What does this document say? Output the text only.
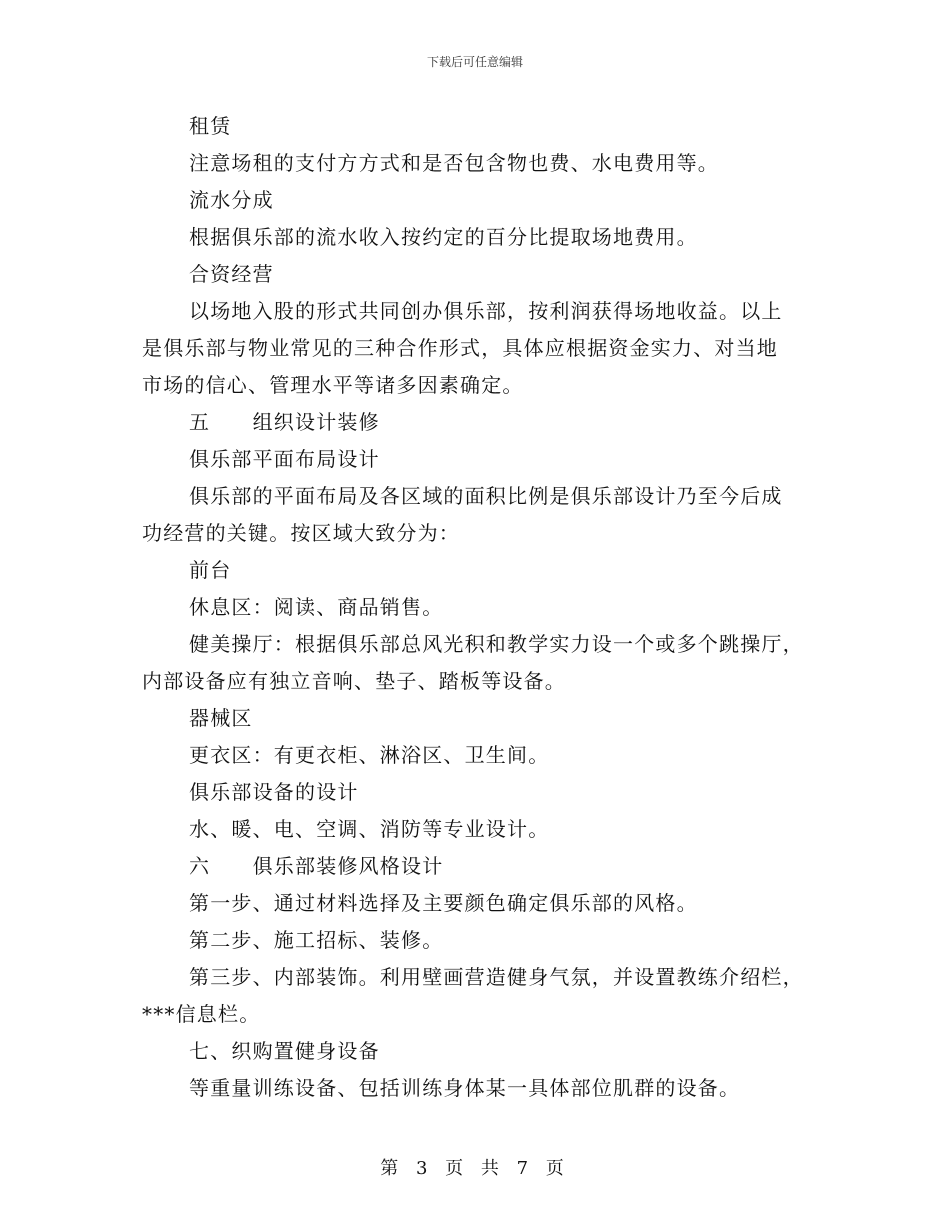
下载后可任意编辑

租赁

注意场租的支付方方式和是否包含物也费、水电费用等。

流水分成

根据俱乐部的流水收入按约定的百分比提取场地费用。

合资经营

以场地入股的形式共同创办俱乐部，按利润获得场地收益。以上

是俱乐部与物业常见的三种合作形式，具体应根据资金实力、对当地

市场的信心、管理水平等诸多因素确定。

五　　组织设计装修

俱乐部平面布局设计

俱乐部的平面布局及各区域的面积比例是俱乐部设计乃至今后成

功经营的关键。按区域大致分为：

前台

休息区：阅读、商品销售。

健美操厅：根据俱乐部总风光积和教学实力设一个或多个跳操厅，

内部设备应有独立音响、垫子、踏板等设备。

器械区

更衣区：有更衣柜、淋浴区、卫生间。

俱乐部设备的设计

水、暖、电、空调、消防等专业设计。

六　　俱乐部装修风格设计

第一步、通过材料选择及主要颜色确定俱乐部的风格。

第二步、施工招标、装修。

第三步、内部装饰。利用壁画营造健身气氛，并设置教练介绍栏，

***信息栏。

七、织购置健身设备

等重量训练设备、包括训练身体某一具体部位肌群的设备。

第 3 页 共 7 页
